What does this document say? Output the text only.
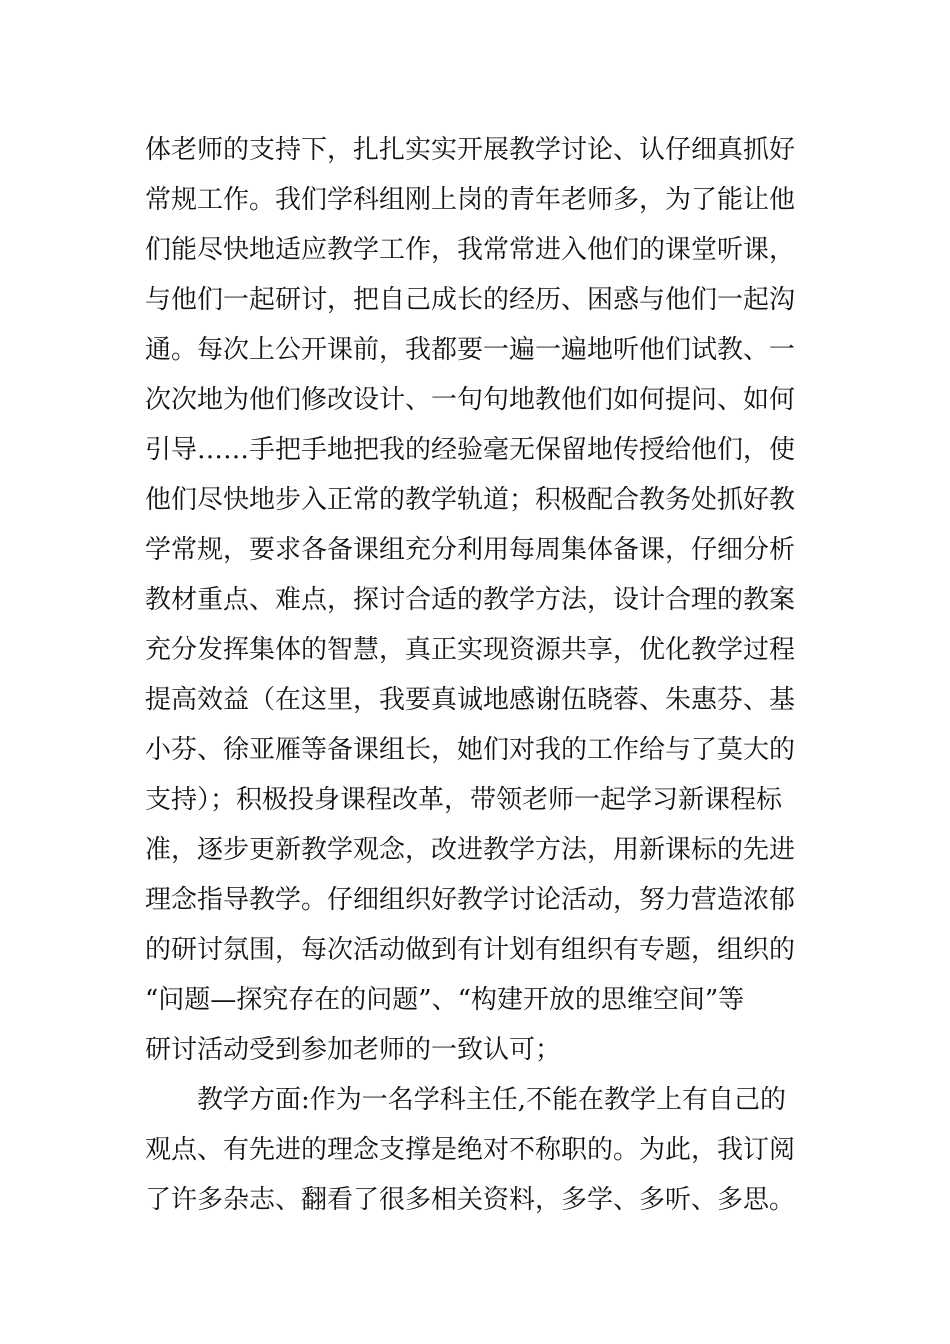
体老师的支持下，扎扎实实开展教学讨论、认仔细真抓好
常规工作。我们学科组刚上岗的青年老师多，为了能让他
们能尽快地适应教学工作，我常常进入他们的课堂听课，
与他们一起研讨，把自己成长的经历、困惑与他们一起沟
通。每次上公开课前，我都要一遍一遍地听他们试教、一
次次地为他们修改设计、一句句地教他们如何提问、如何
引导……手把手地把我的经验毫无保留地传授给他们，使
他们尽快地步入正常的教学轨道；积极配合教务处抓好教
学常规，要求各备课组充分利用每周集体备课，仔细分析
教材重点、难点，探讨合适的教学方法，设计合理的教案
充分发挥集体的智慧，真正实现资源共享，优化教学过程
提高效益（在这里，我要真诚地感谢伍晓蓉、朱惠芬、基
小芬、徐亚雁等备课组长，她们对我的工作给与了莫大的
支持）；积极投身课程改革，带领老师一起学习新课程标
准，逐步更新教学观念，改进教学方法，用新课标的先进
理念指导教学。仔细组织好教学讨论活动，努力营造浓郁
的研讨氛围，每次活动做到有计划有组织有专题，组织的
“问题—探究存在的问题”、“构建开放的思维空间”等
研讨活动受到参加老师的一致认可；
教学方面:作为一名学科主任,不能在教学上有自己的
观点、有先进的理念支撑是绝对不称职的。为此，我订阅
了许多杂志、翻看了很多相关资料，多学、多听、多思。
